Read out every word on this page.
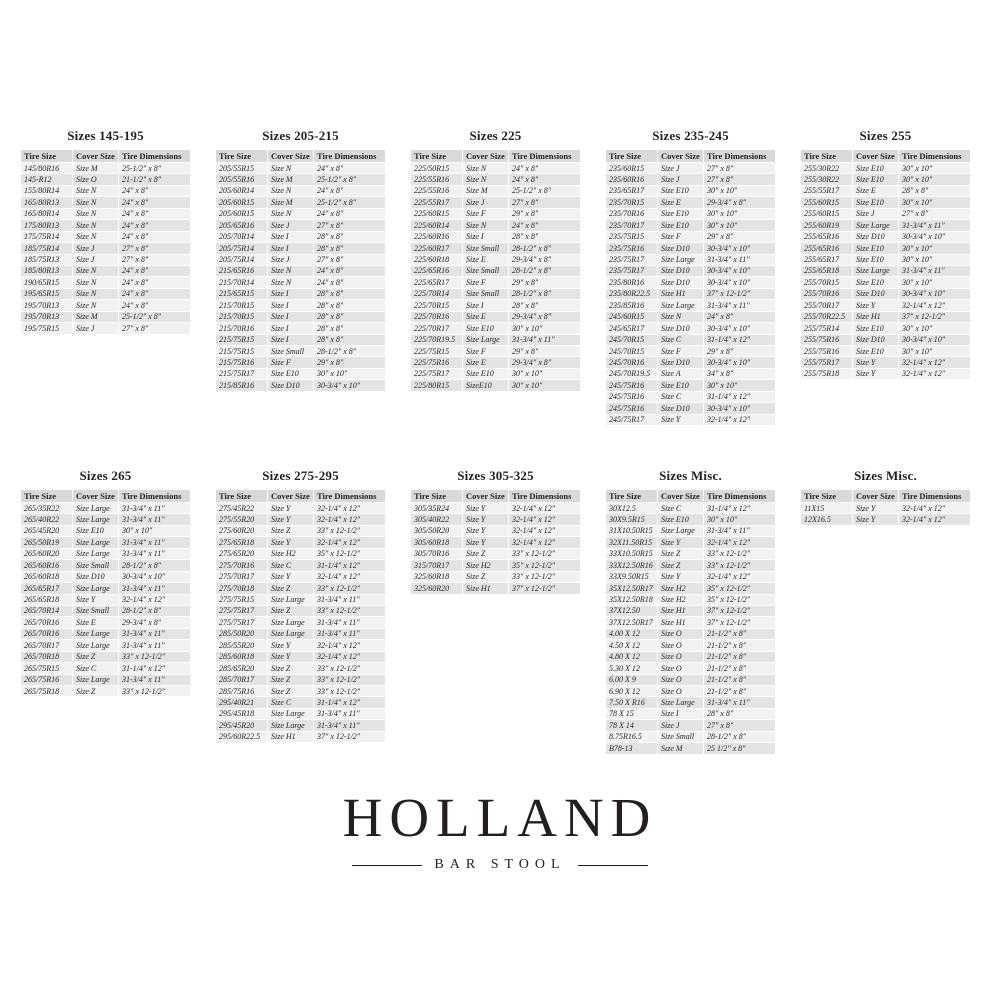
Sizes 145-195
Tire Size	Cover Size	Tire Dimensions
145/80R16	Size M	25-1/2" x 8"
145-R12	Size O	21-1/2" x 8"
155/80R14	Size N	24" x 8"
165/80R13	Size N	24" x 8"
165/80R14	Size N	24" x 8"
175/80R13	Size N	24" x 8"
175/75R14	Size N	24" x 8"
185/75R14	Size J	27" x 8"
185/75R13	Size J	27" x 8"
185/80R13	Size N	24" x 8"
190/65R15	Size N	24" x 8"
195/65R15	Size N	24" x 8"
195/70R13	Size N	24" x 8"
195/70R13	Size M	25-1/2" x 8"
195/75R15	Size J	27" x 8"
Sizes 205-215
Tire Size	Cover Size	Tire Dimensions
205/55R15	Size N	24" x 8"
205/55R16	Size M	25-1/2" x 8"
205/60R14	Size N	24" x 8"
205/60R15	Size M	25-1/2" x 8"
205/60R15	Size N	24" x 8"
205/65R16	Size J	27" x 8"
205/70R14	Size I	28" x 8"
205/75R14	Size I	28" x 8"
205/75R14	Size J	27" x 8"
215/65R16	Size N	24" x 8"
215/70R14	Size N	24" x 8"
215/65R15	Size I	28" x 8"
215/70R15	Size I	28" x 8"
215/70R15	Size I	28" x 8"
215/70R16	Size I	28" x 8"
215/75R15	Size I	28" x 8"
215/75R15	Size Small	28-1/2" x 8"
215/75R16	Size F	29" x 8"
215/75R17	Size E10	30" x 10"
215/85R16	Size D10	30-3/4" x 10"
Sizes 225
Tire Size	Cover Size	Tire Dimensions
225/50R15	Size N	24" x 8"
225/55R16	Size N	24" x 8"
225/55R16	Size M	25-1/2" x 8"
225/55R17	Size J	27" x 8"
225/60R15	Size F	29" x 8"
225/60R14	Size N	24" x 8"
225/60R16	Size I	28" x 8"
225/60R17	Size Small	28-1/2" x 8"
225/60R18	Size E	29-3/4" x 8"
225/65R16	Size Small	28-1/2" x 8"
225/65R17	Size F	29" x 8"
225/70R14	Size Small	28-1/2" x 8"
225/70R15	Size I	28" x 8"
225/70R16	Size E	29-3/4" x 8"
225/70R17	Size E10	30" x 10"
225/70R19.5	Size Large	31-3/4" x 11"
225/75R15	Size F	29" x 8"
225/75R16	Size E	29-3/4" x 8"
225/75R17	Size E10	30" x 10"
225/80R15	SizeE10	30" x 10"
Sizes 235-245
Tire Size	Cover Size	Tire Dimensions
235/60R15	Size J	27" x 8"
235/60R16	Size J	27" x 8"
235/65R17	Size E10	30" x 10"
235/70R15	Size E	29-3/4" x 8"
235/70R16	Size E10	30" x 10"
235/70R17	Size E10	30" x 10"
235/75R15	Size F	29" x 8"
235/75R16	Size D10	30-3/4" x 10"
235/75R17	Size Large	31-3/4" x 11"
235/75R17	Size D10	30-3/4" x 10"
235/80R16	Size D10	30-3/4" x 10"
235/80R22.5	Size H1	37" x 12-1/2"
235/85R16	Size Large	31-3/4" x 11"
245/60R15	Size N	24" x 8"
245/65R17	Size D10	30-3/4" x 10"
245/70R15	Size C	31-1/4" x 12"
245/70R15	Size F	29" x 8"
245/70R16	Size D10	30-3/4" x 10"
245/70R19.5	Size A	34" x 8"
245/75R16	Size E10	30" x 10"
245/75R16	Size C	31-1/4" x 12"
245/75R16	Size D10	30-3/4" x 10"
245/75R17	Size Y	32-1/4" x 12"
Sizes 255
Tire Size	Cover Size	Tire Dimensions
255/30R22	Size E10	30" x 10"
255/30R22	Size E10	30" x 10"
255/55R17	Size E	28" x 8"
255/60R15	Size E10	30" x 10"
255/60R15	Size J	27" x 8"
255/60R19	Size Large	31-3/4" x 11"
255/65R16	Size D10	30-3/4" x 10"
255/65R16	Size E10	30" x 10"
255/65R17	Size E10	30" x 10"
255/65R18	Size Large	31-3/4" x 11"
255/70R15	Size E10	30" x 10"
255/70R16	Size D10	30-3/4" x 10"
255/70R17	Size Y	32-1/4" x 12"
255/70R22.5	Size H1	37" x 12-1/2"
255/75R14	Size E10	30" x 10"
255/75R16	Size D10	30-3/4" x 10"
255/75R16	Size E10	30" x 10"
255/75R17	Size Y	32-1/4" x 12"
255/75R18	Size Y	32-1/4" x 12"
Sizes 265
Tire Size	Cover Size	Tire Dimensions
265/35R22	Size Large	31-3/4" x 11"
265/40R22	Size Large	31-3/4" x 11"
265/45R20	Size E10	30" x 10"
265/50R19	Size Large	31-3/4" x 11"
265/60R20	Size Large	31-3/4" x 11"
265/60R16	Size Small	28-1/2" x 8"
265/60R18	Size D10	30-3/4" x 10"
265/65R17	Size Large	31-3/4" x 11"
265/65R18	Size Y	32-1/4" x 12"
265/70R14	Size Small	28-1/2" x 8"
265/70R16	Size E	29-3/4" x 8"
265/70R16	Size Large	31-3/4" x 11"
265/70R17	Size Large	31-3/4" x 11"
265/70R18	Size Z	33" x 12-1/2"
265/75R15	Size C	31-1/4" x 12"
265/75R16	Size Large	31-3/4" x 11"
265/75R18	Size Z	33" x 12-1/2"
Sizes 275-295
Tire Size	Cover Size	Tire Dimensions
275/45R22	Size Y	32-1/4" x 12"
275/55R20	Size Y	32-1/4" x 12"
275/60R20	Size Z	33" x 12-1/2"
275/65R18	Size Y	32-1/4" x 12"
275/65R20	Size H2	35" x 12-1/2"
275/70R16	Size C	31-1/4" x 12"
275/70R17	Size Y	32-1/4" x 12"
275/70R18	Size Z	33" x 12-1/2"
275/75R15	Size Large	31-3/4" x 11"
275/75R17	Size Z	33" x 12-1/2"
275/75R17	Size Large	31-3/4" x 11"
285/50R20	Size Large	31-3/4" x 11"
285/55R20	Size Y	32-1/4" x 12"
285/60R18	Size Y	32-1/4" x 12"
285/65R20	Size Z	33" x 12-1/2"
285/70R17	Size Z	33" x 12-1/2"
285/75R16	Size Z	33" x 12-1/2"
295/40R21	Size C	31-1/4" x 12"
295/45R18	Size Large	31-3/4" x 11"
295/45R20	Size Large	31-3/4" x 11"
295/60R22.5	Size H1	37" x 12-1/2"
Sizes 305-325
Tire Size	Cover Size	Tire Dimensions
305/35R24	Size Y	32-1/4" x 12"
305/40R22	Size Y	32-1/4" x 12"
305/50R20	Size Y	32-1/4" x 12"
305/60R18	Size Y	32-1/4" x 12"
305/70R16	Size Z	33" x 12-1/2"
315/70R17	Size H2	35" x 12-1/2"
325/60R18	Size Z	33" x 12-1/2"
325/60R20	Size H1	37" x 12-1/2"
Sizes Misc.
Tire Size	Cover Size	Tire Dimensions
30X12.5	Size C	31-1/4" x 12"
30X9.5R15	Size E10	30" x 10"
31X10.50R15	Size Large	31-3/4" x 11"
32X11.50R15	Size Y	32-1/4" x 12"
33X10.50R15	Size Z	33" x 12-1/2"
33X12.50R16	Size Z	33" x 12-1/2"
33X9.50R15	Size Y	32-1/4" x 12"
35X12.50R17	Size H2	35" x 12-1/2"
35X12.50R18	Size H2	35" x 12-1/2"
37X12.50	Size H1	37" x 12-1/2"
37X12.50R17	Size H1	37" x 12-1/2"
4.00 X 12	Size O	21-1/2" x 8"
4.50 X 12	Size O	21-1/2" x 8"
4.80 X 12	Size O	21-1/2" x 8"
5.30 X 12	Size O	21-1/2" x 8"
6.00 X 9	Size O	21-1/2" x 8"
6.90 X 12	Size O	21-1/2" x 8"
7.50 X R16	Size Large	31-3/4" x 11"
78 X 15	Size I	28" x 8"
78 X 14	Size J	27" x 8"
8.75R16.5	Size Small	28-1/2" x 8"
B78-13	Sıze M	25 1/2" x 8"
Sizes Misc.
Tire Size	Cover Size	Tire Dimensions
11X15	Size Y	32-1/4" x 12"
12X16.5	Size Y	32-1/4" x 12"
HOLLAND
BAR STOOL
